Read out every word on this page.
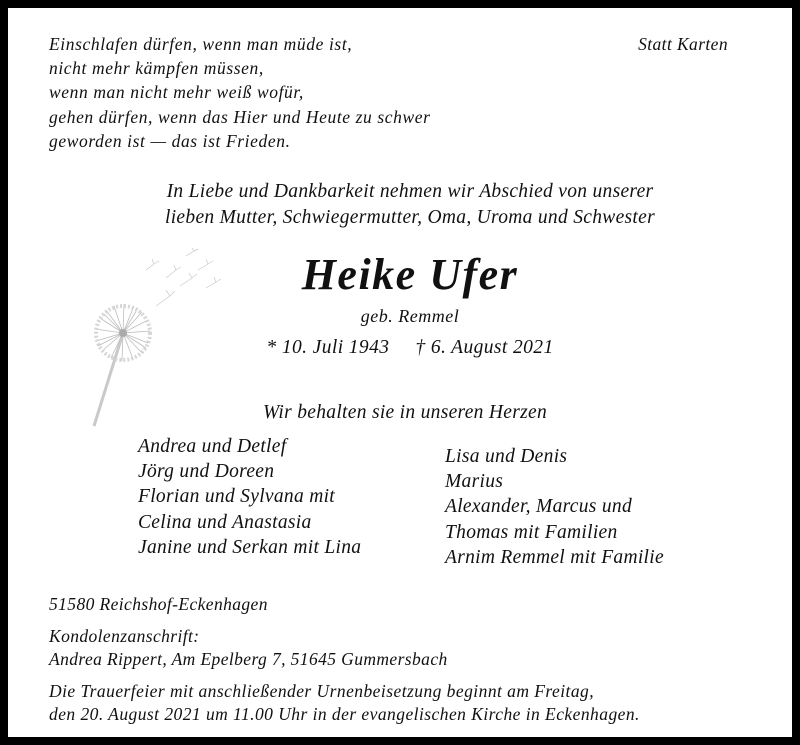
Einschlafen dürfen, wenn man müde ist,
nicht mehr kämpfen müssen,
wenn man nicht mehr weiß wofür,
gehen dürfen, wenn das Hier und Heute zu schwer
geworden ist — das ist Frieden.
Statt Karten
In Liebe und Dankbarkeit nehmen wir Abschied von unserer
lieben Mutter, Schwiegermutter, Oma, Uroma und Schwester
Heike Ufer
geb. Remmel
* 10. Juli 1943 † 6. August 2021
Wir behalten sie in unseren Herzen
Andrea und Detlef
Jörg und Doreen
Florian und Sylvana mit
Celina und Anastasia
Janine und Serkan mit Lina
Lisa und Denis
Marius
Alexander, Marcus und
Thomas mit Familien
Arnim Remmel mit Familie
51580 Reichshof-Eckenhagen
Kondolenzanschrift:
Andrea Rippert, Am Epelberg 7, 51645 Gummersbach
Die Trauerfeier mit anschließender Urnenbeisetzung beginnt am Freitag,
den 20. August 2021 um 11.00 Uhr in der evangelischen Kirche in Eckenhagen.
